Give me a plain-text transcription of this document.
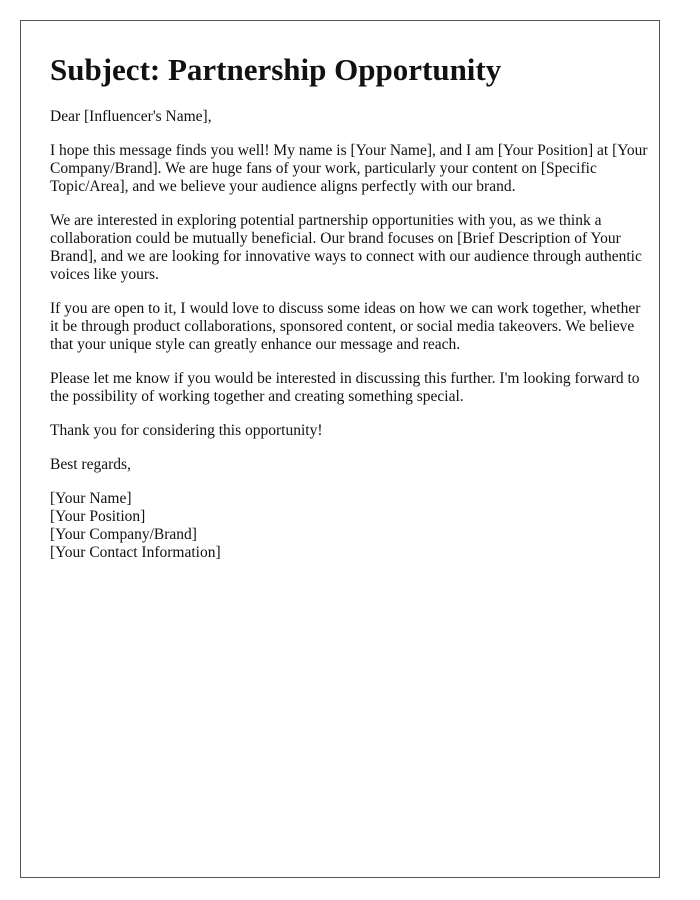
Subject: Partnership Opportunity

Dear [Influencer's Name],

I hope this message finds you well! My name is [Your Name], and I am [Your Position] at [Your Company/Brand]. We are huge fans of your work, particularly your content on [Specific Topic/Area], and we believe your audience aligns perfectly with our brand.

We are interested in exploring potential partnership opportunities with you, as we think a collaboration could be mutually beneficial. Our brand focuses on [Brief Description of Your Brand], and we are looking for innovative ways to connect with our audience through authentic voices like yours.

If you are open to it, I would love to discuss some ideas on how we can work together, whether it be through product collaborations, sponsored content, or social media takeovers. We believe that your unique style can greatly enhance our message and reach.

Please let me know if you would be interested in discussing this further. I'm looking forward to the possibility of working together and creating something special.

Thank you for considering this opportunity!

Best regards,

[Your Name]
[Your Position]
[Your Company/Brand]
[Your Contact Information]
